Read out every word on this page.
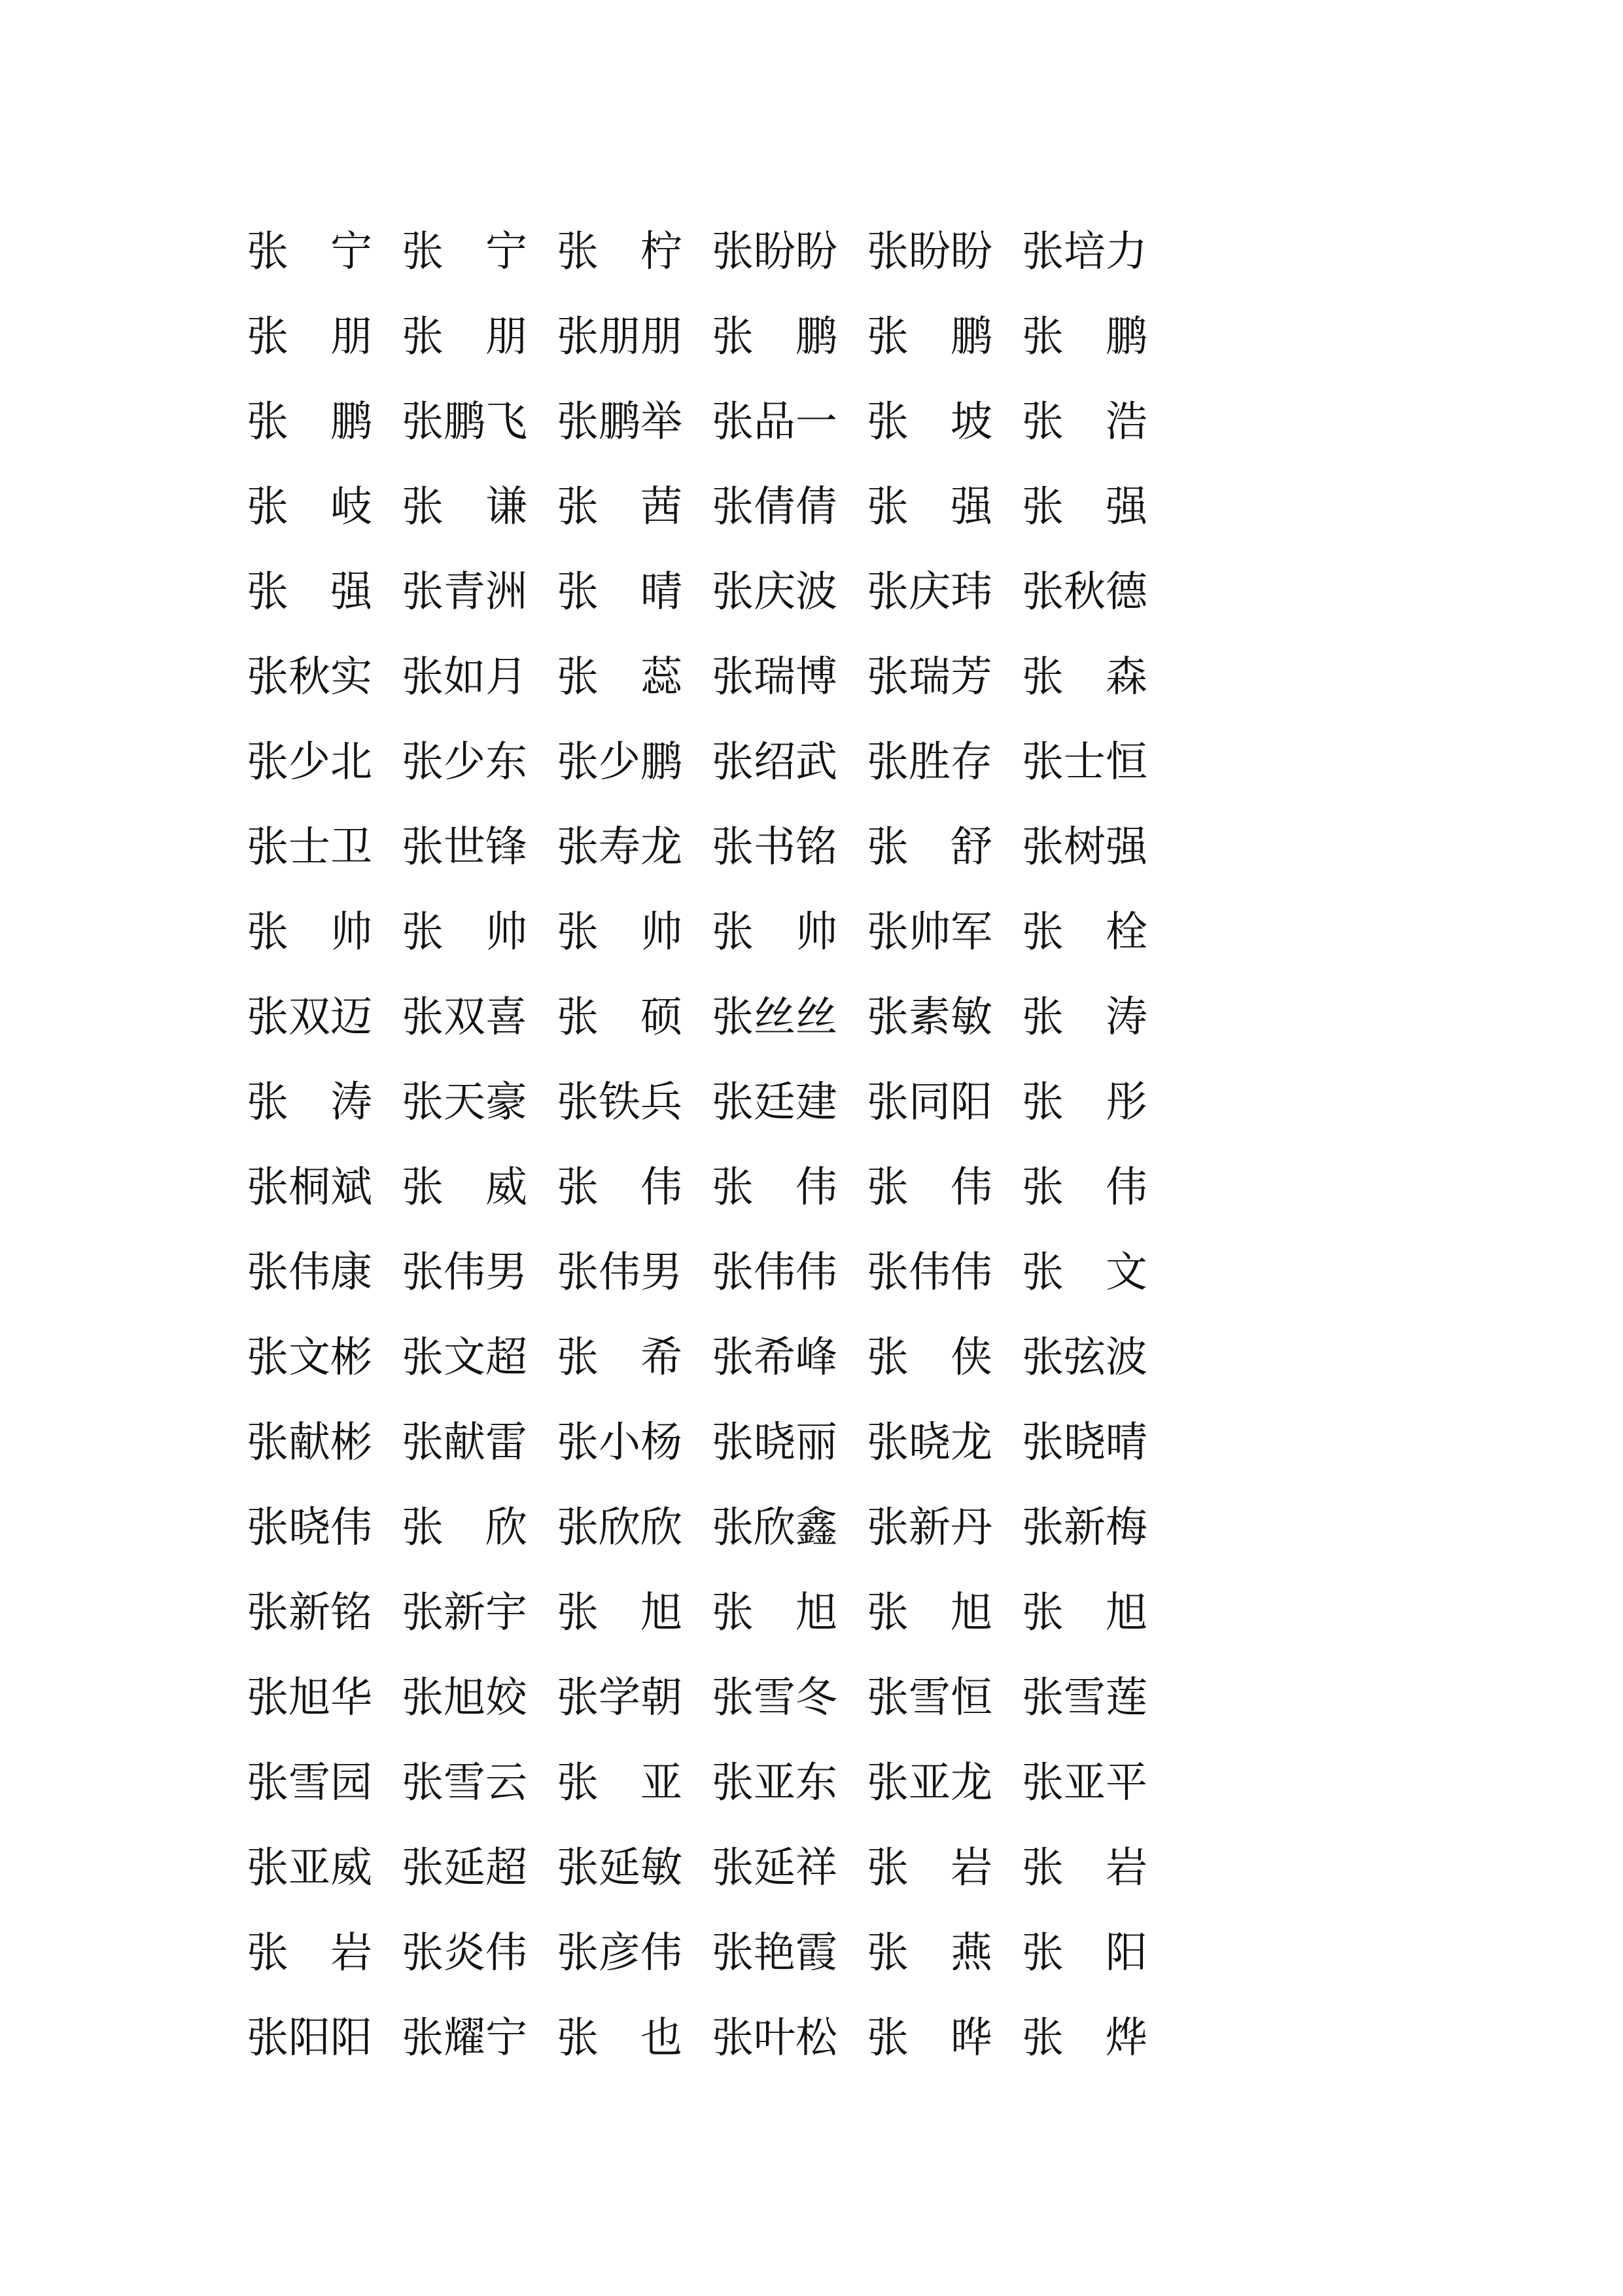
张
　 宁 张
　 宁 张
　 柠 张 盼 盼 张 盼 盼 张 培 力
张
　 朋 张
　 朋 张 朋 朋 张
　 鹏 张
　 鹏 张
　 鹏
张
　 鹏 张 鹏 飞 张 鹏 举 张 品 一 张
　 坡 张
　 浩
张
　 岐 张
　 谦 张
　 茜 张 倩 倩 张
　 强 张
　 强
张
　 强 张 青 洲 张
　 晴 张 庆 波 张 庆 玮 张 秋 德
张 秋 实 张 如 月 张
　 蕊 张 瑞 博 张 瑞 芳 张
　 森
张 少 北 张 少 东 张 少 鹏 张 绍 武 张 胜 存 张 士 恒
张 士 卫 张 世 锋 张 寿 龙 张 书 铭 张
　 舒 张 树 强
张
　 帅 张
　 帅 张
　 帅 张
　 帅 张 帅 军 张
　 栓
张 双 迈 张 双 喜 张
　 硕 张 丝 丝 张 素 敏 张
　 涛
张
　 涛 张 天 豪 张 铁 兵 张 廷 建 张 同 阳 张
　 彤
张 桐 斌 张
　 威 张
　 伟 张
　 伟 张
　 伟 张
　 伟
张 伟 康 张 伟 男 张 伟 男 张 伟 伟 张 伟 伟 张
　 文
张 文 彬 张 文 超 张
　 希 张 希 峰 张
　 侠 张 弦 波
张 献 彬 张 献 雷 张 小 杨 张 晓 丽 张 晓 龙 张 晓 晴
张 晓 伟 张
　 欣 张 欣 欣 张 欣 鑫 张 新 丹 张 新 梅
张 新 铭 张 新 宇 张
　 旭 张
　 旭 张
　 旭 张
　 旭
张 旭 华 张 旭 姣 张 学 朝 张 雪 冬 张 雪 恒 张 雪 莲
张 雪 园 张 雪 云 张
　 亚 张 亚 东 张 亚 龙 张 亚 平
张 亚 威 张 延 超 张 延 敏 张 延 祥 张
　 岩 张
　 岩
张
　 岩 张 炎 伟 张 彦 伟 张 艳 霞 张
　 燕 张
　 阳
张 阳 阳 张 耀 宁 张
　 也 张 叶 松 张
　 晔 张
　 烨
